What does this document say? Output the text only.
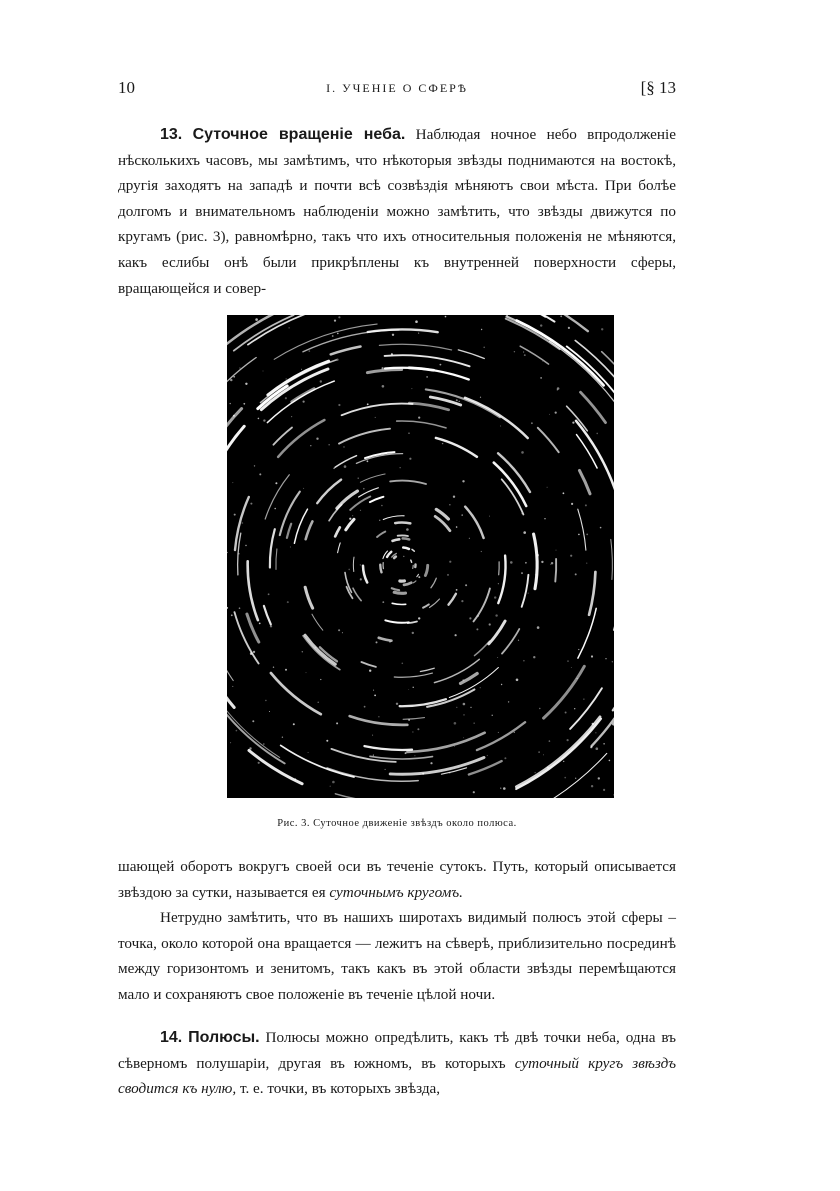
10	I. УЧЕНІЕ О СФЕРѢ	[§ 13

13. Суточное вращеніе неба. Наблюдая ночное небо впродолженіе нѣсколькихъ часовъ, мы замѣтимъ, что нѣкоторыя звѣзды поднимаются на востокѣ, другія заходятъ на западѣ и почти всѣ созвѣздія мѣняютъ свои мѣста. При болѣе долгомъ и внимательномъ наблюденіи можно замѣтить, что звѣзды движутся по кругамъ (рис. 3), равномѣрно, такъ что ихъ относительныя положенія не мѣняются, какъ еслибы онѣ были прикрѣплены къ внутренней поверхности сферы, вращающейся и совер-

Рис. 3. Суточное движеніе звѣздъ около полюса.

шающей оборотъ вокругъ своей оси въ теченіе сутокъ. Путь, который описывается звѣздою за сутки, называется ея суточнымъ кругомъ.

Нетрудно замѣтить, что въ нашихъ широтахъ видимый полюсъ этой сферы – точка, около которой она вращается — лежитъ на сѣверѣ, приблизительно посрединѣ между горизонтомъ и зенитомъ, такъ какъ въ этой области звѣзды перемѣщаются мало и сохраняютъ свое положеніе въ теченіе цѣлой ночи.

14. Полюсы. Полюсы можно опредѣлить, какъ тѣ двѣ точки неба, одна въ сѣверномъ полушаріи, другая въ южномъ, въ которыхъ суточный кругъ звѣздъ сводится къ нулю, т. е. точки, въ которыхъ звѣзда,
